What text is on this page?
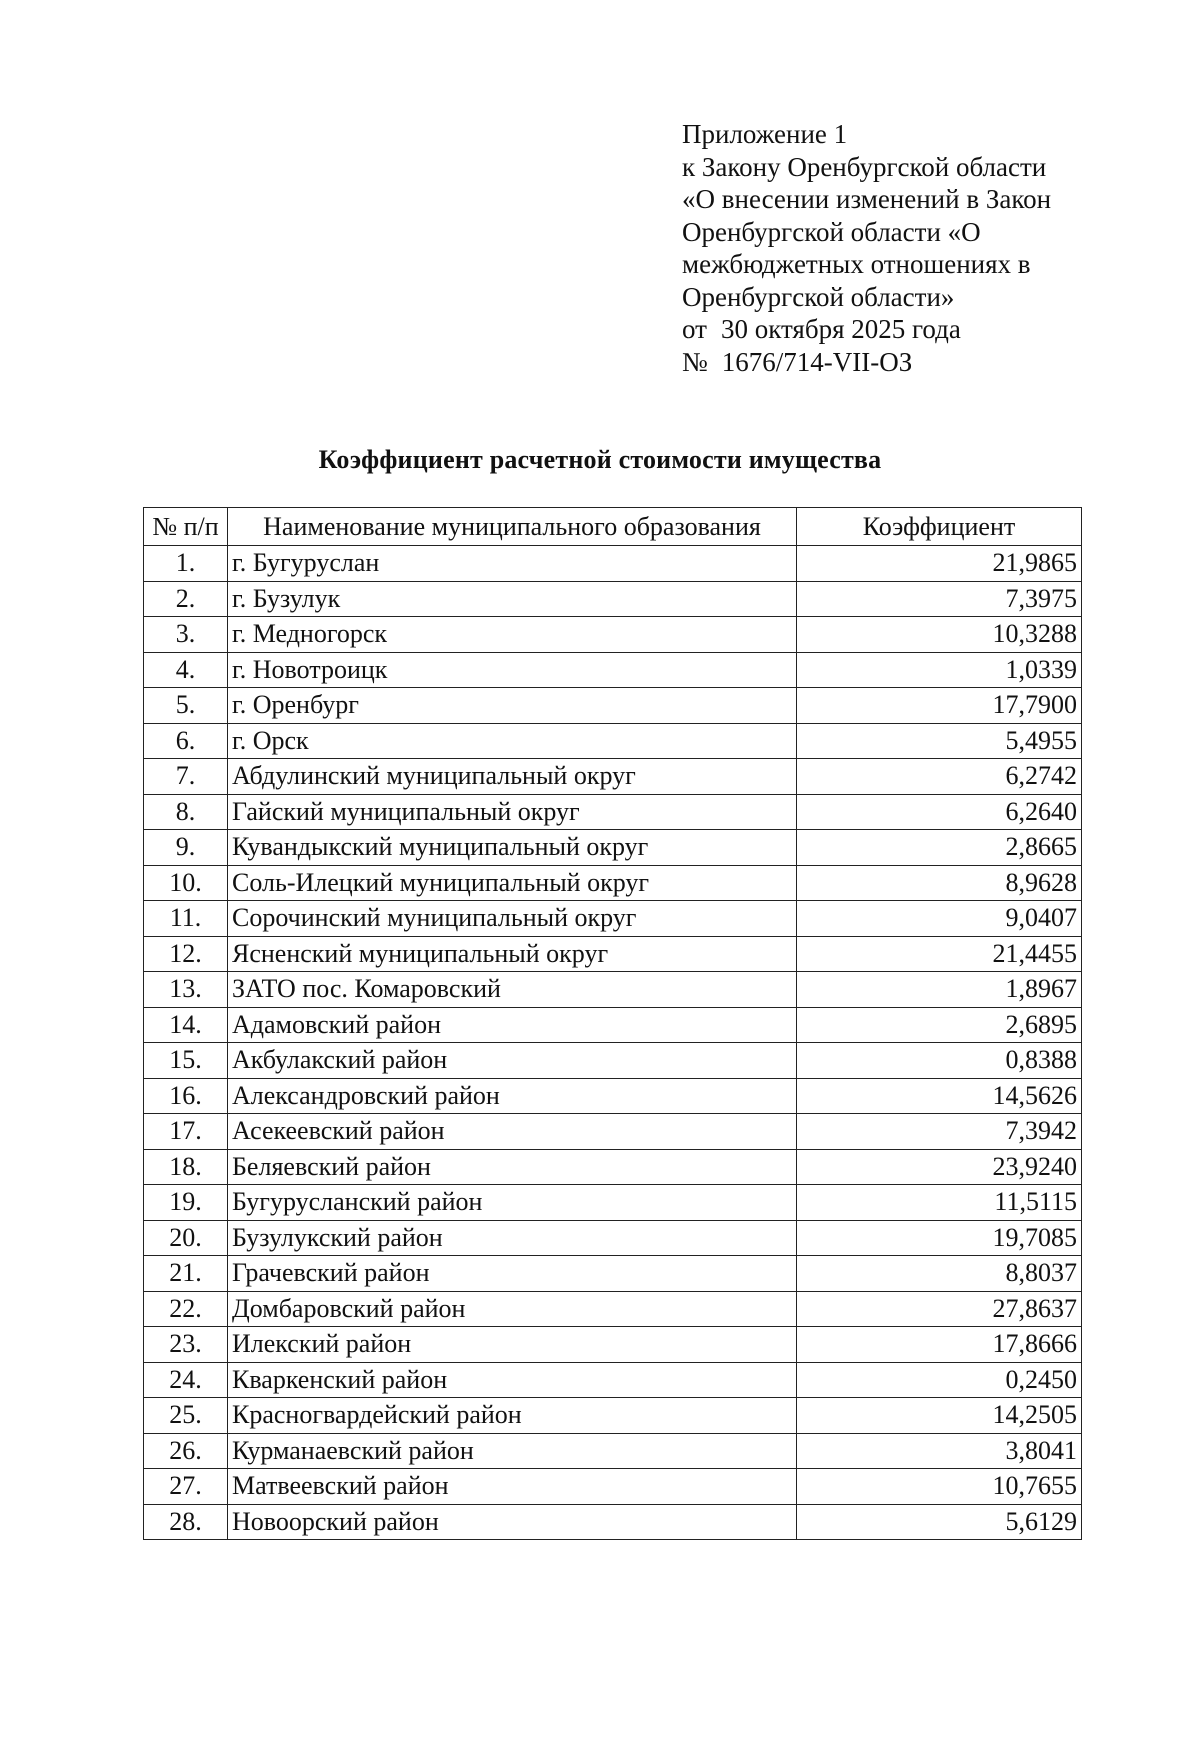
Приложение 1
к Закону Оренбургской области
«О внесении изменений в Закон
Оренбургской области «О
межбюджетных отношениях в
Оренбургской области»
от 30 октября 2025 года
№ 1676/714-VII-ОЗ
Коэффициент расчетной стоимости имущества
№ п/п	Наименование муниципального образования	Коэффициент
1.	г. Бугуруслан	21,9865
2.	г. Бузулук	7,3975
3.	г. Медногорск	10,3288
4.	г. Новотроицк	1,0339
5.	г. Оренбург	17,7900
6.	г. Орск	5,4955
7.	Абдулинский муниципальный округ	6,2742
8.	Гайский муниципальный округ	6,2640
9.	Кувандыкский муниципальный округ	2,8665
10.	Соль-Илецкий муниципальный округ	8,9628
11.	Сорочинский муниципальный округ	9,0407
12.	Ясненский муниципальный округ	21,4455
13.	ЗАТО пос. Комаровский	1,8967
14.	Адамовский район	2,6895
15.	Акбулакский район	0,8388
16.	Александровский район	14,5626
17.	Асекеевский район	7,3942
18.	Беляевский район	23,9240
19.	Бугурусланский район	11,5115
20.	Бузулукский район	19,7085
21.	Грачевский район	8,8037
22.	Домбаровский район	27,8637
23.	Илекский район	17,8666
24.	Кваркенский район	0,2450
25.	Красногвардейский район	14,2505
26.	Курманаевский район	3,8041
27.	Матвеевский район	10,7655
28.	Новоорский район	5,6129
